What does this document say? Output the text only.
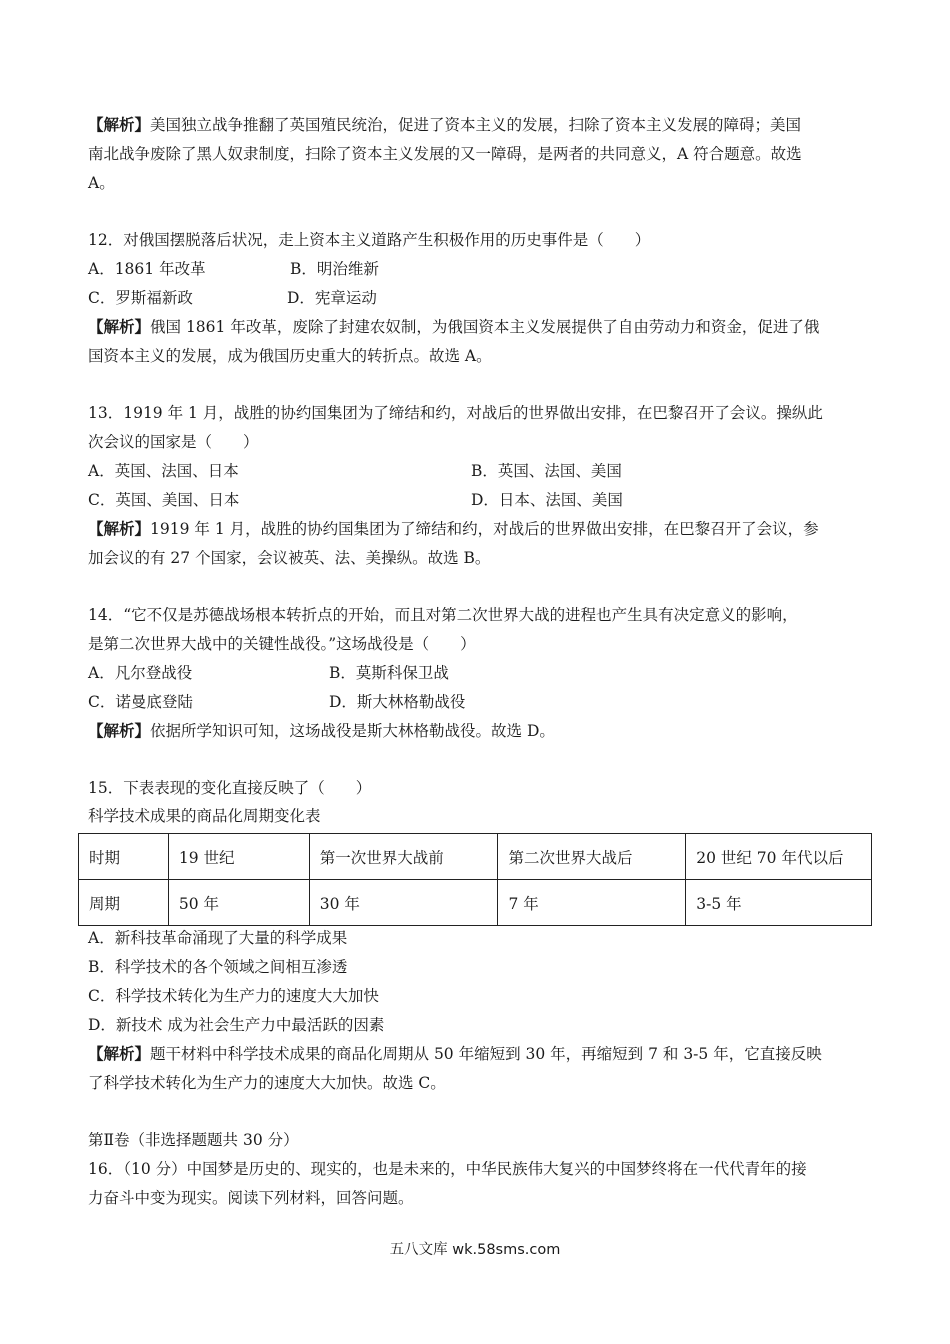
【解析】美国独立战争推翻了英国殖民统治，促进了资本主义的发展，扫除了资本主义发展的障碍；美国
南北战争废除了黑人奴隶制度，扫除了资本主义发展的又一障碍，是两者的共同意义，A 符合题意。故选
A。
12．对俄国摆脱落后状况，走上资本主义道路产生积极作用的历史事件是（　　）
A．1861 年改革	B．明治维新
C．罗斯福新政	D．宪章运动
【解析】俄国 1861 年改革，废除了封建农奴制，为俄国资本主义发展提供了自由劳动力和资金，促进了俄
国资本主义的发展，成为俄国历史重大的转折点。故选 A。
13．1919 年 1 月，战胜的协约国集团为了缔结和约，对战后的世界做出安排，在巴黎召开了会议。操纵此
次会议的国家是（　　）
A．英国、法国、日本	B．英国、法国、美国
C．英国、美国、日本	D．日本、法国、美国
【解析】1919 年 1 月，战胜的协约国集团为了缔结和约，对战后的世界做出安排，在巴黎召开了会议，参
加会议的有 27 个国家，会议被英、法、美操纵。故选 B。
14．“它不仅是苏德战场根本转折点的开始，而且对第二次世界大战的进程也产生具有决定意义的影响，
是第二次世界大战中的关键性战役。”这场战役是（　　）
A．凡尔登战役	B．莫斯科保卫战
C．诺曼底登陆	D．斯大林格勒战役
【解析】依据所学知识可知，这场战役是斯大林格勒战役。故选 D。
15．下表表现的变化直接反映了（　　）
科学技术成果的商品化周期变化表
时期	19 世纪	第一次世界大战前	第二次世界大战后	20 世纪 70 年代以后
周期	50 年	30 年	7 年	3-5 年
A．新科技革命涌现了大量的科学成果
B．科学技术的各个领域之间相互渗透
C．科学技术转化为生产力的速度大大加快
D．新技术 成为社会生产力中最活跃的因素
【解析】题干材料中科学技术成果的商品化周期从 50 年缩短到 30 年，再缩短到 7 和 3-5 年，它直接反映
了科学技术转化为生产力的速度大大加快。故选 C。
第Ⅱ卷（非选择题题共 30 分）
16．（10 分）中国梦是历史的、现实的，也是未来的，中华民族伟大复兴的中国梦终将在一代代青年的接
力奋斗中变为现实。阅读下列材料，回答问题。
五八文库 wk.58sms.com
